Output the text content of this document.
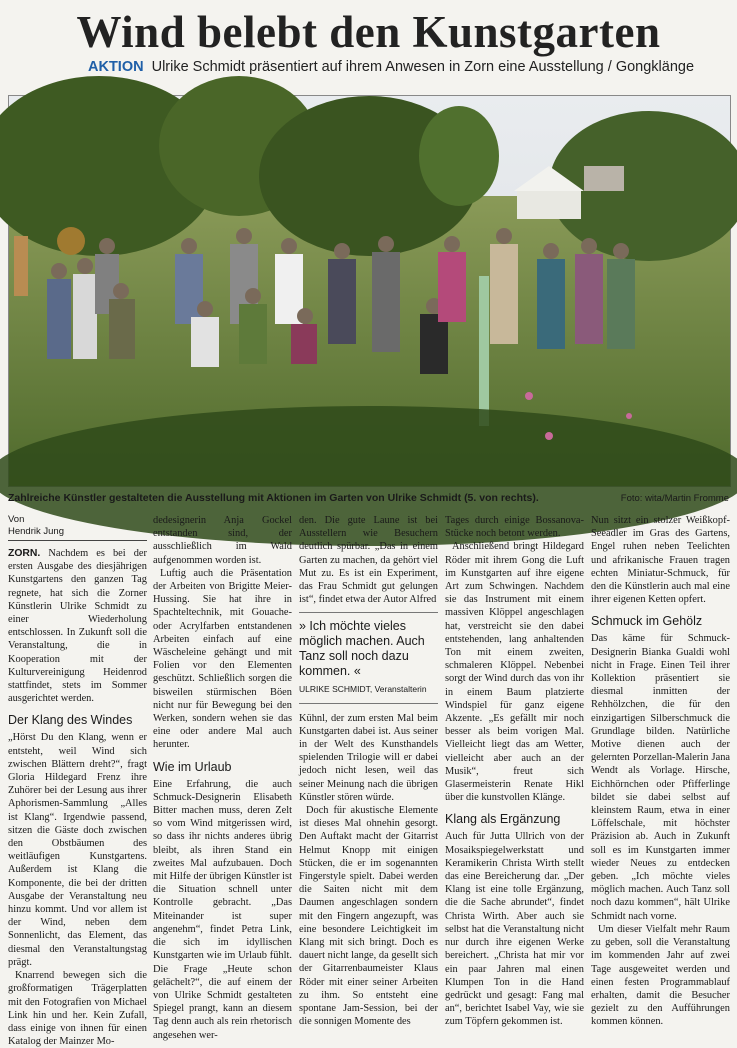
Wind belebt den Kunstgarten
AKTION Ulrike Schmidt präsentiert auf ihrem Anwesen in Zorn eine Ausstellung / Gongklänge
Zahlreiche Künstler gestalteten die Ausstellung mit Aktionen im Garten von Ulrike Schmidt (5. von rechts).	Foto: wita/Martin Fromme
Von
Hendrik Jung

ZORN. Nachdem es bei der ersten Ausgabe des diesjährigen Kunstgartens den ganzen Tag regnete, hat sich die Zorner Künstlerin Ulrike Schmidt zu einer Wiederholung entschlossen. In Zukunft soll die Veranstaltung, die in Kooperation mit der Kulturvereinigung Heidenrod stattfindet, stets im Sommer ausgerichtet werden.

Der Klang des Windes

„Hörst Du den Klang, wenn er entsteht, weil Wind sich zwischen Blättern dreht?“, fragt Gloria Hildegard Frenz ihre Zuhörer bei der Lesung aus ihrer Aphorismen-Sammlung „Alles ist Klang“. Irgendwie passend, sitzen die Gäste doch zwischen den Obstbäumen des weitläufigen Kunstgartens. Außerdem ist Klang die Komponente, die bei der dritten Ausgabe der Veranstaltung neu hinzu kommt. Und vor allem ist der Wind, neben dem Sonnenlicht, das Element, das diesmal den Veranstaltungstag prägt.

Knarrend bewegen sich die großformatigen Trägerplatten mit den Fotografien von Michael Link hin und her. Kein Zufall, dass einige von ihnen für einen Katalog der Mainzer Mo-

dedesignerin Anja Gockel entstanden sind, der ausschließlich im Wald aufgenommen worden ist.

Luftig auch die Präsentation der Arbeiten von Brigitte Meier-Hussing. Sie hat ihre in Spachteltechnik, mit Gouache- oder Acrylfarben entstandenen Arbeiten einfach auf eine Wäscheleine gehängt und mit Folien vor den Elementen geschützt. Schließlich sorgen die bisweilen stürmischen Böen nicht nur für Bewegung bei den Werken, sondern wehen sie das eine oder andere Mal auch herunter.

Wie im Urlaub

Eine Erfahrung, die auch Schmuck-Designerin Elisabeth Bitter machen muss, deren Zelt so vom Wind mitgerissen wird, so dass ihr nichts anderes übrig bleibt, als ihren Stand ein zweites Mal aufzubauen. Doch mit Hilfe der übrigen Künstler ist die Situation schnell unter Kontrolle gebracht. „Das Miteinander ist super angenehm“, findet Petra Link, die sich im idyllischen Kunstgarten wie im Urlaub fühlt. Die Frage „Heute schon gelächelt?“, die auf einem der von Ulrike Schmidt gestalteten Spiegel prangt, kann an diesem Tag denn auch als rein rhetorisch angesehen wer-

den. Die gute Laune ist bei Ausstellern wie Besuchern deutlich spürbar. „Das in einem Garten zu machen, da gehört viel Mut zu. Es ist ein Experiment, das Frau Schmidt gut gelungen ist“, findet etwa der Autor Alfred

» Ich möchte vieles möglich machen. Auch Tanz soll noch dazu kommen. «
ULRIKE SCHMIDT, Veranstalterin

Kühnl, der zum ersten Mal beim Kunstgarten dabei ist. Aus seiner in der Welt des Kunsthandels spielenden Trilogie will er dabei jedoch nicht lesen, weil das seiner Meinung nach die übrigen Künstler stören würde.

Doch für akustische Elemente ist dieses Mal ohnehin gesorgt. Den Auftakt macht der Gitarrist Helmut Knopp mit einigen Stücken, die er im sogenannten Fingerstyle spielt. Dabei werden die Saiten nicht mit dem Daumen angeschlagen sondern mit den Fingern angezupft, was eine besondere Leichtigkeit im Klang mit sich bringt. Doch es dauert nicht lange, da gesellt sich der Gitarrenbaumeister Klaus Röder mit einer seiner Arbeiten zu ihm. So entsteht eine spontane Jam-Session, bei der die sonnigen Momente des

Tages durch einige Bossanova-Stücke noch betont werden.

Anschließend bringt Hildegard Röder mit ihrem Gong die Luft im Kunstgarten auf ihre eigene Art zum Schwingen. Nachdem sie das Instrument mit einem massiven Klöppel angeschlagen hat, verstreicht sie den dabei entstehenden, lang anhaltenden Ton mit einem zweiten, schmaleren Klöppel. Nebenbei sorgt der Wind durch das von ihr in einem Baum platzierte Windspiel für ganz eigene Akzente. „Es gefällt mir noch besser als beim vorigen Mal. Vielleicht liegt das am Wetter, vielleicht aber auch an der Musik“, freut sich Glasermeisterin Renate Hikl über die kunstvollen Klänge.

Klang als Ergänzung

Auch für Jutta Ullrich von der Mosaikspiegelwerkstatt und Keramikerin Christa Wirth stellt das eine Bereicherung dar. „Der Klang ist eine tolle Ergänzung, die die Sache abrundet“, findet Christa Wirth. Aber auch sie selbst hat die Veranstaltung nicht nur durch ihre eigenen Werke bereichert. „Christa hat mir vor ein paar Jahren mal einen Klumpen Ton in die Hand gedrückt und gesagt: Fang mal an“, berichtet Isabel Vay, wie sie zum Töpfern gekommen ist.

Nun sitzt ein stolzer Weißkopf-Seeadler im Gras des Gartens, Engel ruhen neben Teelichten und afrikanische Frauen tragen echten Miniatur-Schmuck, für den die Künstlerin auch mal eine ihrer eigenen Ketten opfert.

Schmuck im Gehölz

Das käme für Schmuck-Designerin Bianka Gualdi wohl nicht in Frage. Einen Teil ihrer Kollektion präsentiert sie diesmal inmitten der Rehhölzchen, die für den einzigartigen Silberschmuck die Grundlage bilden. Natürliche Motive dienen auch der gelernten Porzellan-Malerin Jana Wendt als Vorlage. Hirsche, Eichhörnchen oder Pfifferlinge bildet sie dabei selbst auf kleinstem Raum, etwa in einer Löffelschale, mit höchster Präzision ab. Auch in Zukunft soll es im Kunstgarten immer wieder Neues zu entdecken geben. „Ich möchte vieles möglich machen. Auch Tanz soll noch dazu kommen“, hält Ulrike Schmidt nach vorne.

Um dieser Vielfalt mehr Raum zu geben, soll die Veranstaltung im kommenden Jahr auf zwei Tage ausgeweitet werden und einen festen Programmablauf erhalten, damit die Besucher gezielt zu den Aufführungen kommen können.
